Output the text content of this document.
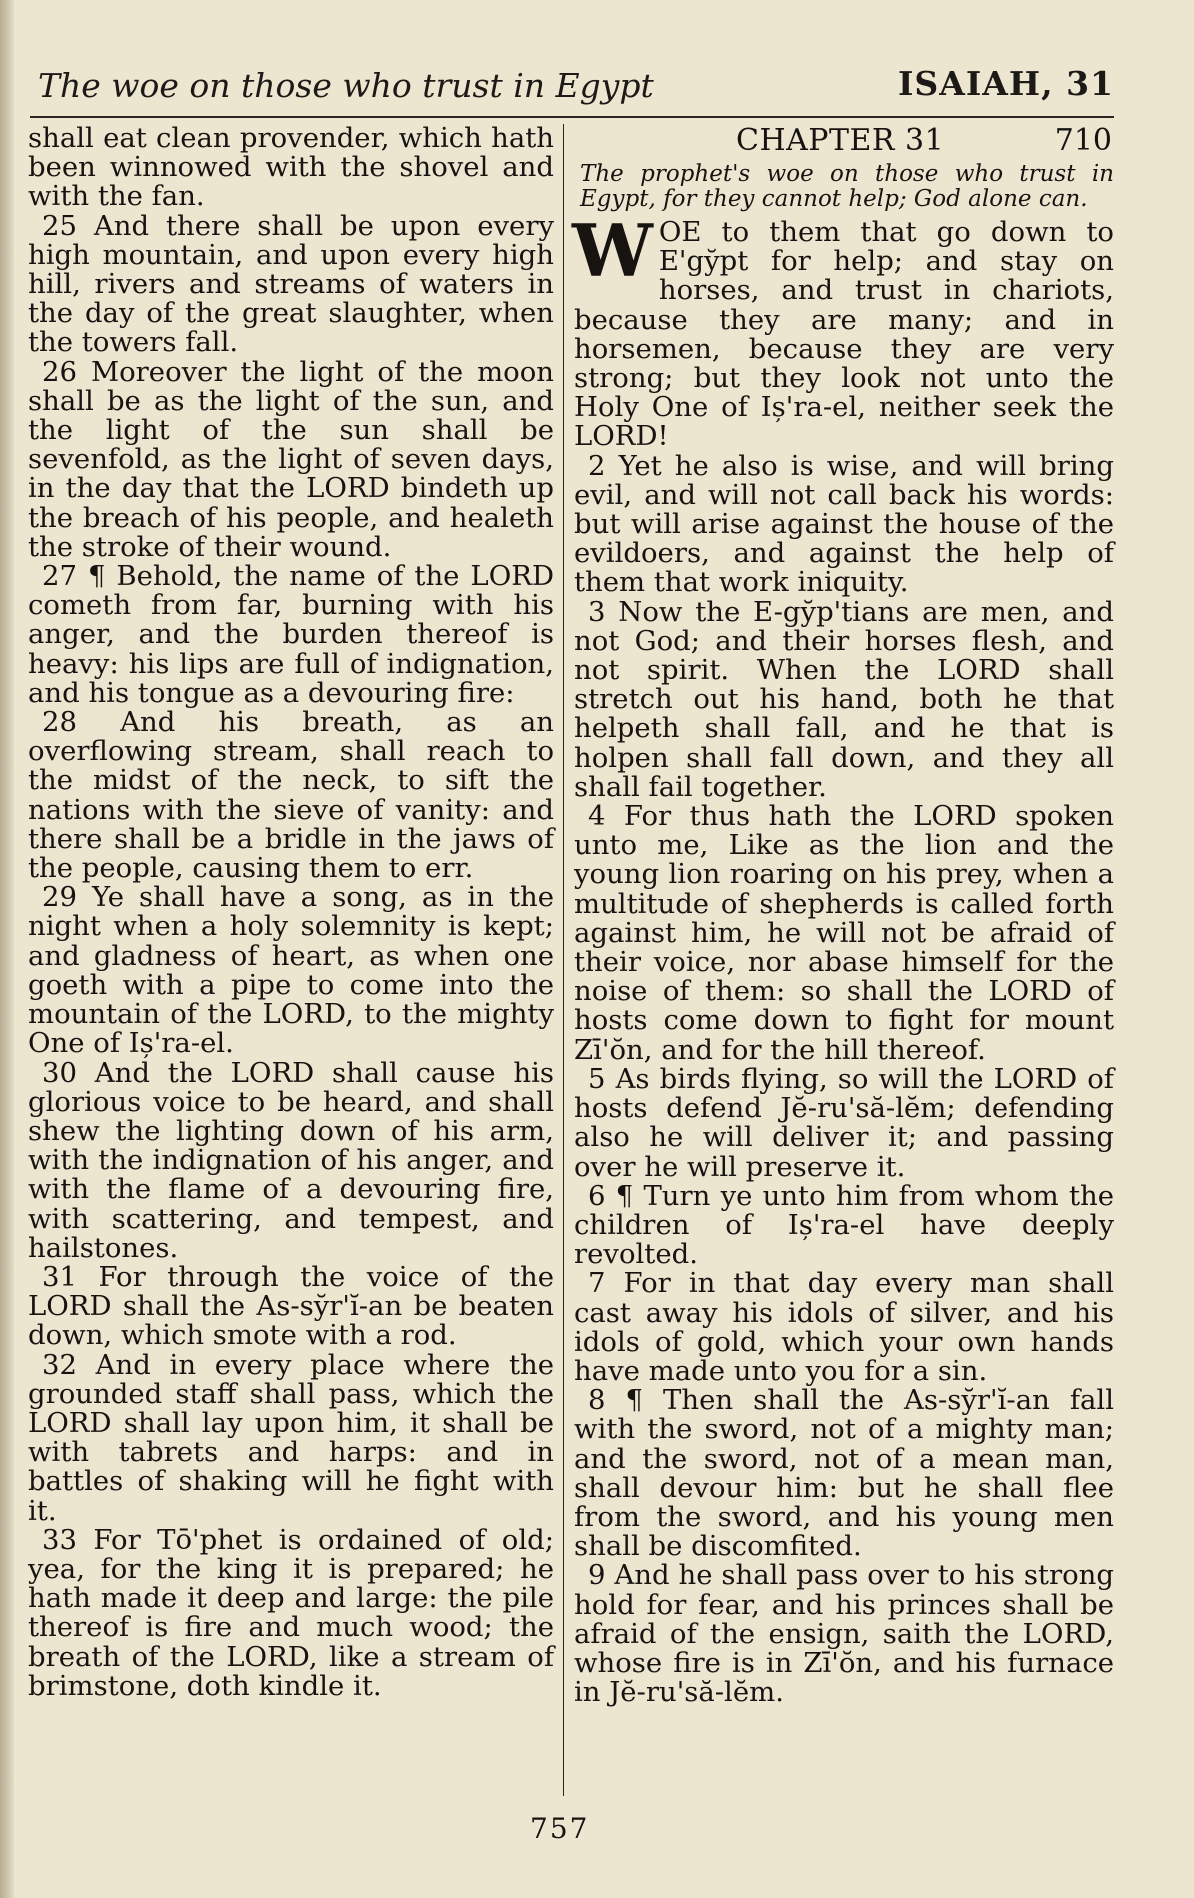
The woe on those who trust in Egypt	ISAIAH, 31

shall eat clean provender, which hath been winnowed with the shovel and with the fan.

25 And there shall be upon every high mountain, and upon every high hill, rivers and streams of waters in the day of the great slaughter, when the towers fall.

26 Moreover the light of the moon shall be as the light of the sun, and the light of the sun shall be sevenfold, as the light of seven days, in the day that the LORD bindeth up the breach of his people, and healeth the stroke of their wound.

27 ¶ Behold, the name of the LORD cometh from far, burning with his anger, and the burden thereof is heavy: his lips are full of indignation, and his tongue as a devouring fire:

28 And his breath, as an overflowing stream, shall reach to the midst of the neck, to sift the nations with the sieve of vanity: and there shall be a bridle in the jaws of the people, causing them to err.

29 Ye shall have a song, as in the night when a holy solemnity is kept; and gladness of heart, as when one goeth with a pipe to come into the mountain of the LORD, to the mighty One of Iș'ra-el.

30 And the LORD shall cause his glorious voice to be heard, and shall shew the lighting down of his arm, with the indignation of his anger, and with the flame of a devouring fire, with scattering, and tempest, and hailstones.

31 For through the voice of the LORD shall the As-sy̆r'ĭ-an be beaten down, which smote with a rod.

32 And in every place where the grounded staff shall pass, which the LORD shall lay upon him, it shall be with tabrets and harps: and in battles of shaking will he fight with it.

33 For Tō'phet is ordained of old; yea, for the king it is prepared; he hath made it deep and large: the pile thereof is fire and much wood; the breath of the LORD, like a stream of brimstone, doth kindle it.

CHAPTER 31	710

The prophet's woe on those who trust in Egypt, for they cannot help; God alone can.

WOE to them that go down to E'gy̆pt for help; and stay on horses, and trust in chariots, because they are many; and in horsemen, because they are very strong; but they look not unto the Holy One of Iș'ra-el, neither seek the LORD!

2 Yet he also is wise, and will bring evil, and will not call back his words: but will arise against the house of the evildoers, and against the help of them that work iniquity.

3 Now the E-gy̆p'tians are men, and not God; and their horses flesh, and not spirit. When the LORD shall stretch out his hand, both he that helpeth shall fall, and he that is holpen shall fall down, and they all shall fail together.

4 For thus hath the LORD spoken unto me, Like as the lion and the young lion roaring on his prey, when a multitude of shepherds is called forth against him, he will not be afraid of their voice, nor abase himself for the noise of them: so shall the LORD of hosts come down to fight for mount Zī'ŏn, and for the hill thereof.

5 As birds flying, so will the LORD of hosts defend Jĕ-ru'să-lĕm; defending also he will deliver it; and passing over he will preserve it.

6 ¶ Turn ye unto him from whom the children of Iș'ra-el have deeply revolted.

7 For in that day every man shall cast away his idols of silver, and his idols of gold, which your own hands have made unto you for a sin.

8 ¶ Then shall the As-sy̆r'ĭ-an fall with the sword, not of a mighty man; and the sword, not of a mean man, shall devour him: but he shall flee from the sword, and his young men shall be discomfited.

9 And he shall pass over to his strong hold for fear, and his princes shall be afraid of the ensign, saith the LORD, whose fire is in Zī'ŏn, and his furnace in Jĕ-ru'să-lĕm.

757
